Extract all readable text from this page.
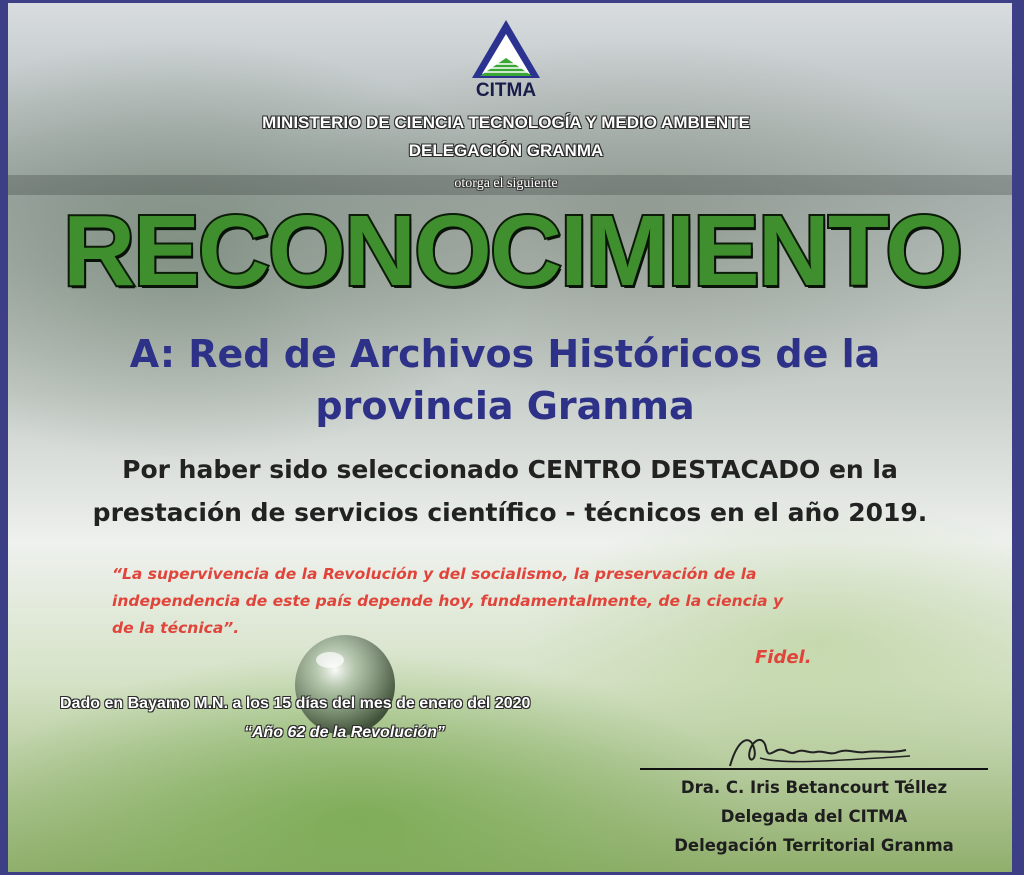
CITMA
MINISTERIO DE CIENCIA TECNOLOGÍA Y MEDIO AMBIENTE
DELEGACIÓN GRANMA
otorga el siguiente
RECONOCIMIENTO
A: Red de Archivos Históricos de la
provincia Granma
Por haber sido seleccionado CENTRO DESTACADO en la
prestación de servicios científico - técnicos en el año 2019.
“La supervivencia de la Revolución y del socialismo, la preservación de la
independencia de este país depende hoy, fundamentalmente, de la ciencia y
de la técnica”.
Fidel.
Dado en Bayamo M.N. a los 15 días del mes de enero del 2020
“Año 62 de la Revolución”
Dra. C. Iris Betancourt Téllez
Delegada del CITMA
Delegación Territorial Granma
